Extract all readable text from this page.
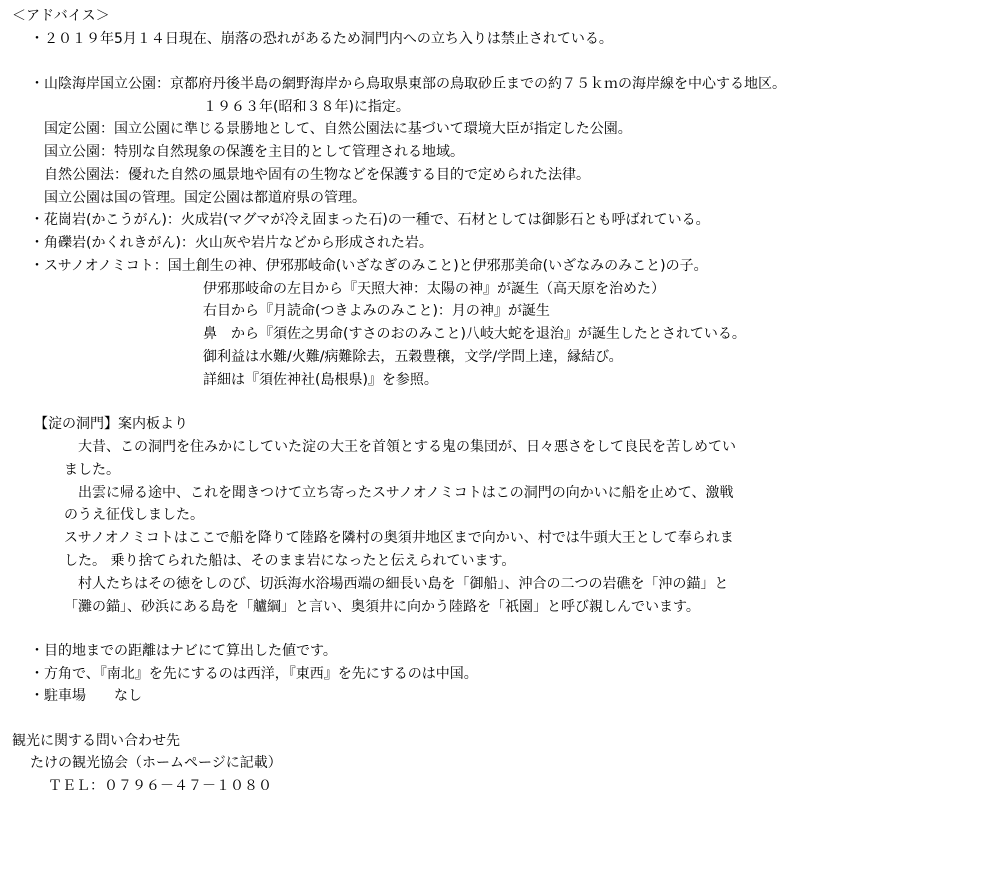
＜アドバイス＞
・２０１９年5月１４日現在、崩落の恐れがあるため洞門内への立ち入りは禁止されている。
・山陰海岸国立公園：京都府丹後半島の網野海岸から鳥取県東部の鳥取砂丘までの約７５ｋｍの海岸線を中心する地区。
１９６３年(昭和３８年)に指定。
国定公園：国立公園に準じる景勝地として、自然公園法に基づいて環境大臣が指定した公園。
国立公園：特別な自然現象の保護を主目的として管理される地域。
自然公園法：優れた自然の風景地や固有の生物などを保護する目的で定められた法律。
国立公園は国の管理。国定公園は都道府県の管理。
・花崗岩(かこうがん)：火成岩(マグマが冷え固まった石)の一種で、石材としては御影石とも呼ばれている。
・角礫岩(かくれきがん)：火山灰や岩片などから形成された岩。
・スサノオノミコト：国土創生の神、伊邪那岐命(いざなぎのみこと)と伊邪那美命(いざなみのみこと)の子。
伊邪那岐命の左目から『天照大神：太陽の神』が誕生（高天原を治めた）
右目から『月読命(つきよみのみこと)：月の神』が誕生
鼻　から『須佐之男命(すさのおのみこと)八岐大蛇を退治』が誕生したとされている。
御利益は水難/火難/病難除去，五穀豊穣，文学/学問上達，縁結び。
詳細は『須佐神社(島根県)』を参照。
【淀の洞門】案内板より
　大昔、この洞門を住みかにしていた淀の大王を首領とする鬼の集団が、日々悪さをして良民を苦しめてい
ました。
　出雲に帰る途中、これを聞きつけて立ち寄ったスサノオノミコトはこの洞門の向かいに船を止めて、激戦
のうえ征伐しました。
スサノオノミコトはここで船を降りて陸路を隣村の奥須井地区まで向かい、村では牛頭大王として奉られま
した。 乗り捨てられた船は、そのまま岩になったと伝えられています。
　村人たちはその徳をしのび、切浜海水浴場西端の細長い島を「御船」、沖合の二つの岩礁を「沖の錨」と
「灘の錨」、砂浜にある島を「艫綱」と言い、奥須井に向かう陸路を「祇園」と呼び親しんでいます。
・目的地までの距離はナビにて算出した値です。
・方角で、『南北』を先にするのは西洋，『東西』を先にするのは中国。
・駐車場　　なし
観光に関する問い合わせ先
たけの観光協会（ホームページに記載）
ＴＥＬ：０７９６－４７－１０８０
